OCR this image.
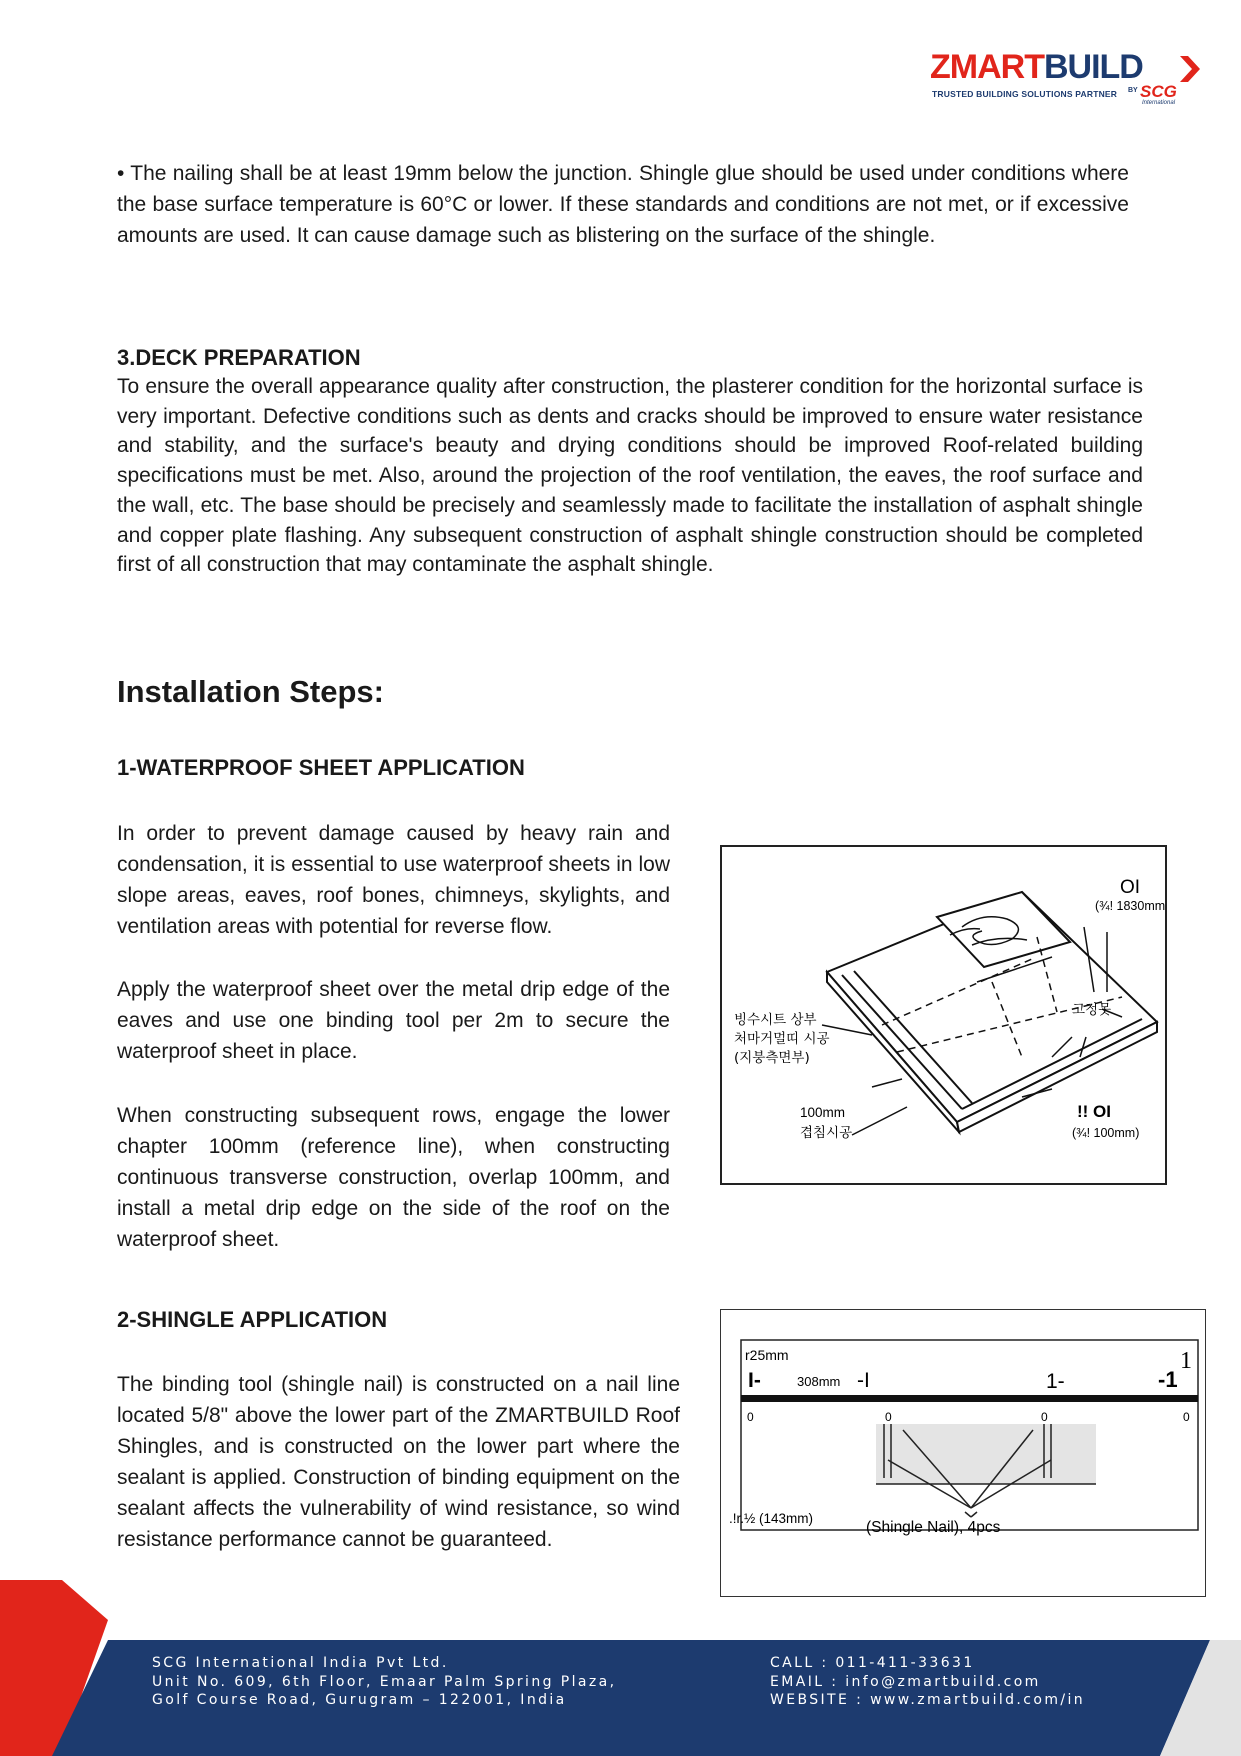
ZMARTBUILD
TRUSTED BUILDING SOLUTIONS PARTNER BY SCG
International

• The nailing shall be at least 19mm below the junction. Shingle glue should be used under conditions where the base surface temperature is 60°C or lower. If these standards and conditions are not met, or if excessive amounts are used. It can cause damage such as blistering on the surface of the shingle.

3.DECK PREPARATION

To ensure the overall appearance quality after construction, the plasterer condition for the horizontal surface is very important. Defective conditions such as dents and cracks should be improved to ensure water resistance and stability, and the surface's beauty and drying conditions should be improved Roof-related building specifications must be met. Also, around the projection of the roof ventilation, the eaves, the roof surface and the wall, etc. The base should be precisely and seamlessly made to facilitate the installation of asphalt shingle and copper plate flashing. Any subsequent construction of asphalt shingle construction should be completed first of all construction that may contaminate the asphalt shingle.

Installation Steps:
1-WATERPROOF SHEET APPLICATION

In order to prevent damage caused by heavy rain and condensation, it is essential to use waterproof sheets in low slope areas, eaves, roof bones, chimneys, skylights, and ventilation areas with potential for reverse flow.

Apply the waterproof sheet over the metal drip edge of the eaves and use one binding tool per 2m to secure the waterproof sheet in place.

When constructing subsequent rows, engage the lower chapter 100mm (reference line), when constructing continuous transverse construction, overlap 100mm, and install a metal drip edge on the side of the roof on the waterproof sheet.

OI
(¾! 1830mm)
고정못
빙수시트 상부
처마거멀띠 시공
(지붕측면부)
100mm
겹침시공
!! OI
(¾! 100mm)
2-SHINGLE APPLICATION

The binding tool (shingle nail) is constructed on a nail line located 5/8" above the lower part of the ZMARTBUILD Roof Shingles, and is constructed on the lower part where the sealant is applied. Construction of binding equipment on the sealant affects the vulnerability of wind resistance, so wind resistance performance cannot be guaranteed.

r25mm
I-	308mm -I	1-	-1
1
0	0	0	0
.!r.½ (143mm)
(Shingle Nail), 4pcs
SCG International India Pvt Ltd.
Unit No. 609, 6th Floor, Emaar Palm Spring Plaza,
Golf Course Road, Gurugram – 122001, India
CALL : 011-411-33631
EMAIL : info@zmartbuild.com
WEBSITE : www.zmartbuild.com/in
